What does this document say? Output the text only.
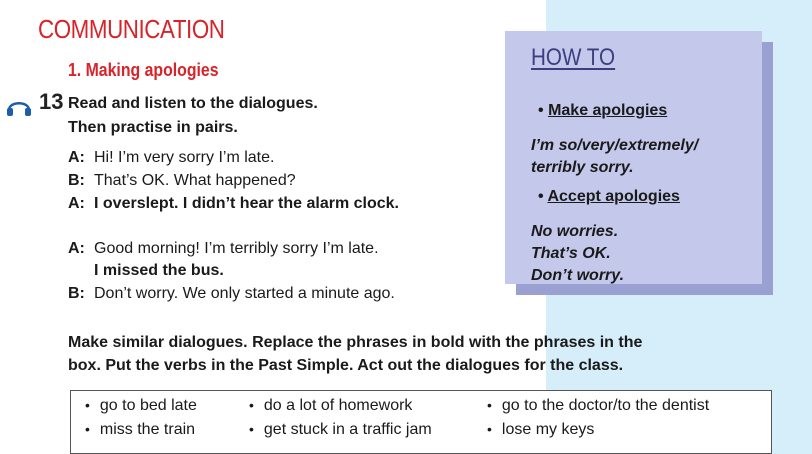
COMMUNICATION
1. Making apologies
13 Read and listen to the dialogues.
Then practise in pairs.
A: Hi! I’m very sorry I’m late.
B: That’s OK. What happened?
A: I overslept. I didn’t hear the alarm clock.
A: Good morning! I’m terribly sorry I’m late.
I missed the bus.
B: Don’t worry. We only started a minute ago.
HOW TO
• Make apologies
I’m so/very/extremely/
terribly sorry.
• Accept apologies
No worries.
That’s OK.
Don’t worry.
Make similar dialogues. Replace the phrases in bold with the phrases in the
box. Put the verbs in the Past Simple. Act out the dialogues for the class.
• go to bed late	• do a lot of homework	• go to the doctor/to the dentist
• miss the train	• get stuck in a traffic jam	• lose my keys
